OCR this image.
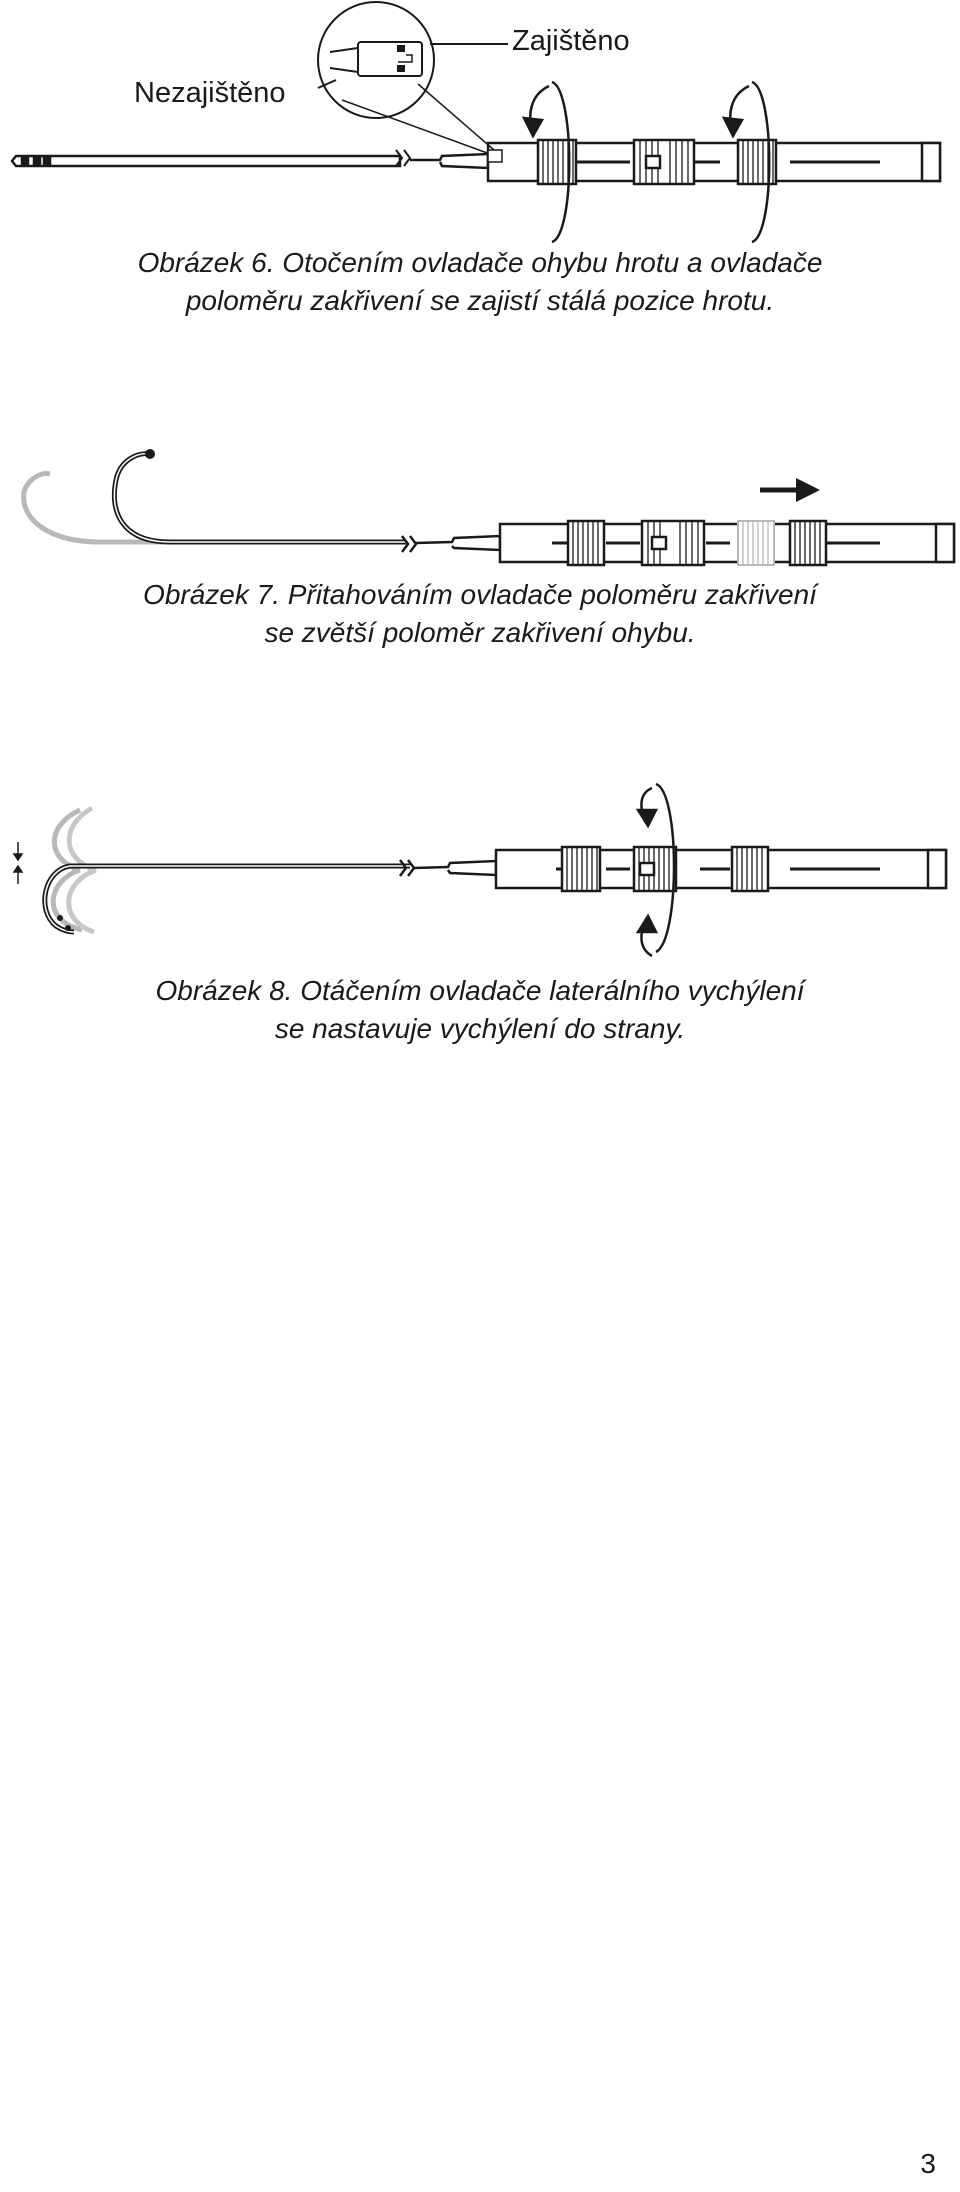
Zajištěno
Nezajištěno
Obrázek 6. Otočením ovladače ohybu hrotu a ovladače
poloměru zakřivení se zajistí stálá pozice hrotu.
Obrázek 7. Přitahováním ovladače poloměru zakřivení
se zvětší poloměr zakřivení ohybu.
Obrázek 8. Otáčením ovladače laterálního vychýlení
se nastavuje vychýlení do strany.
3
